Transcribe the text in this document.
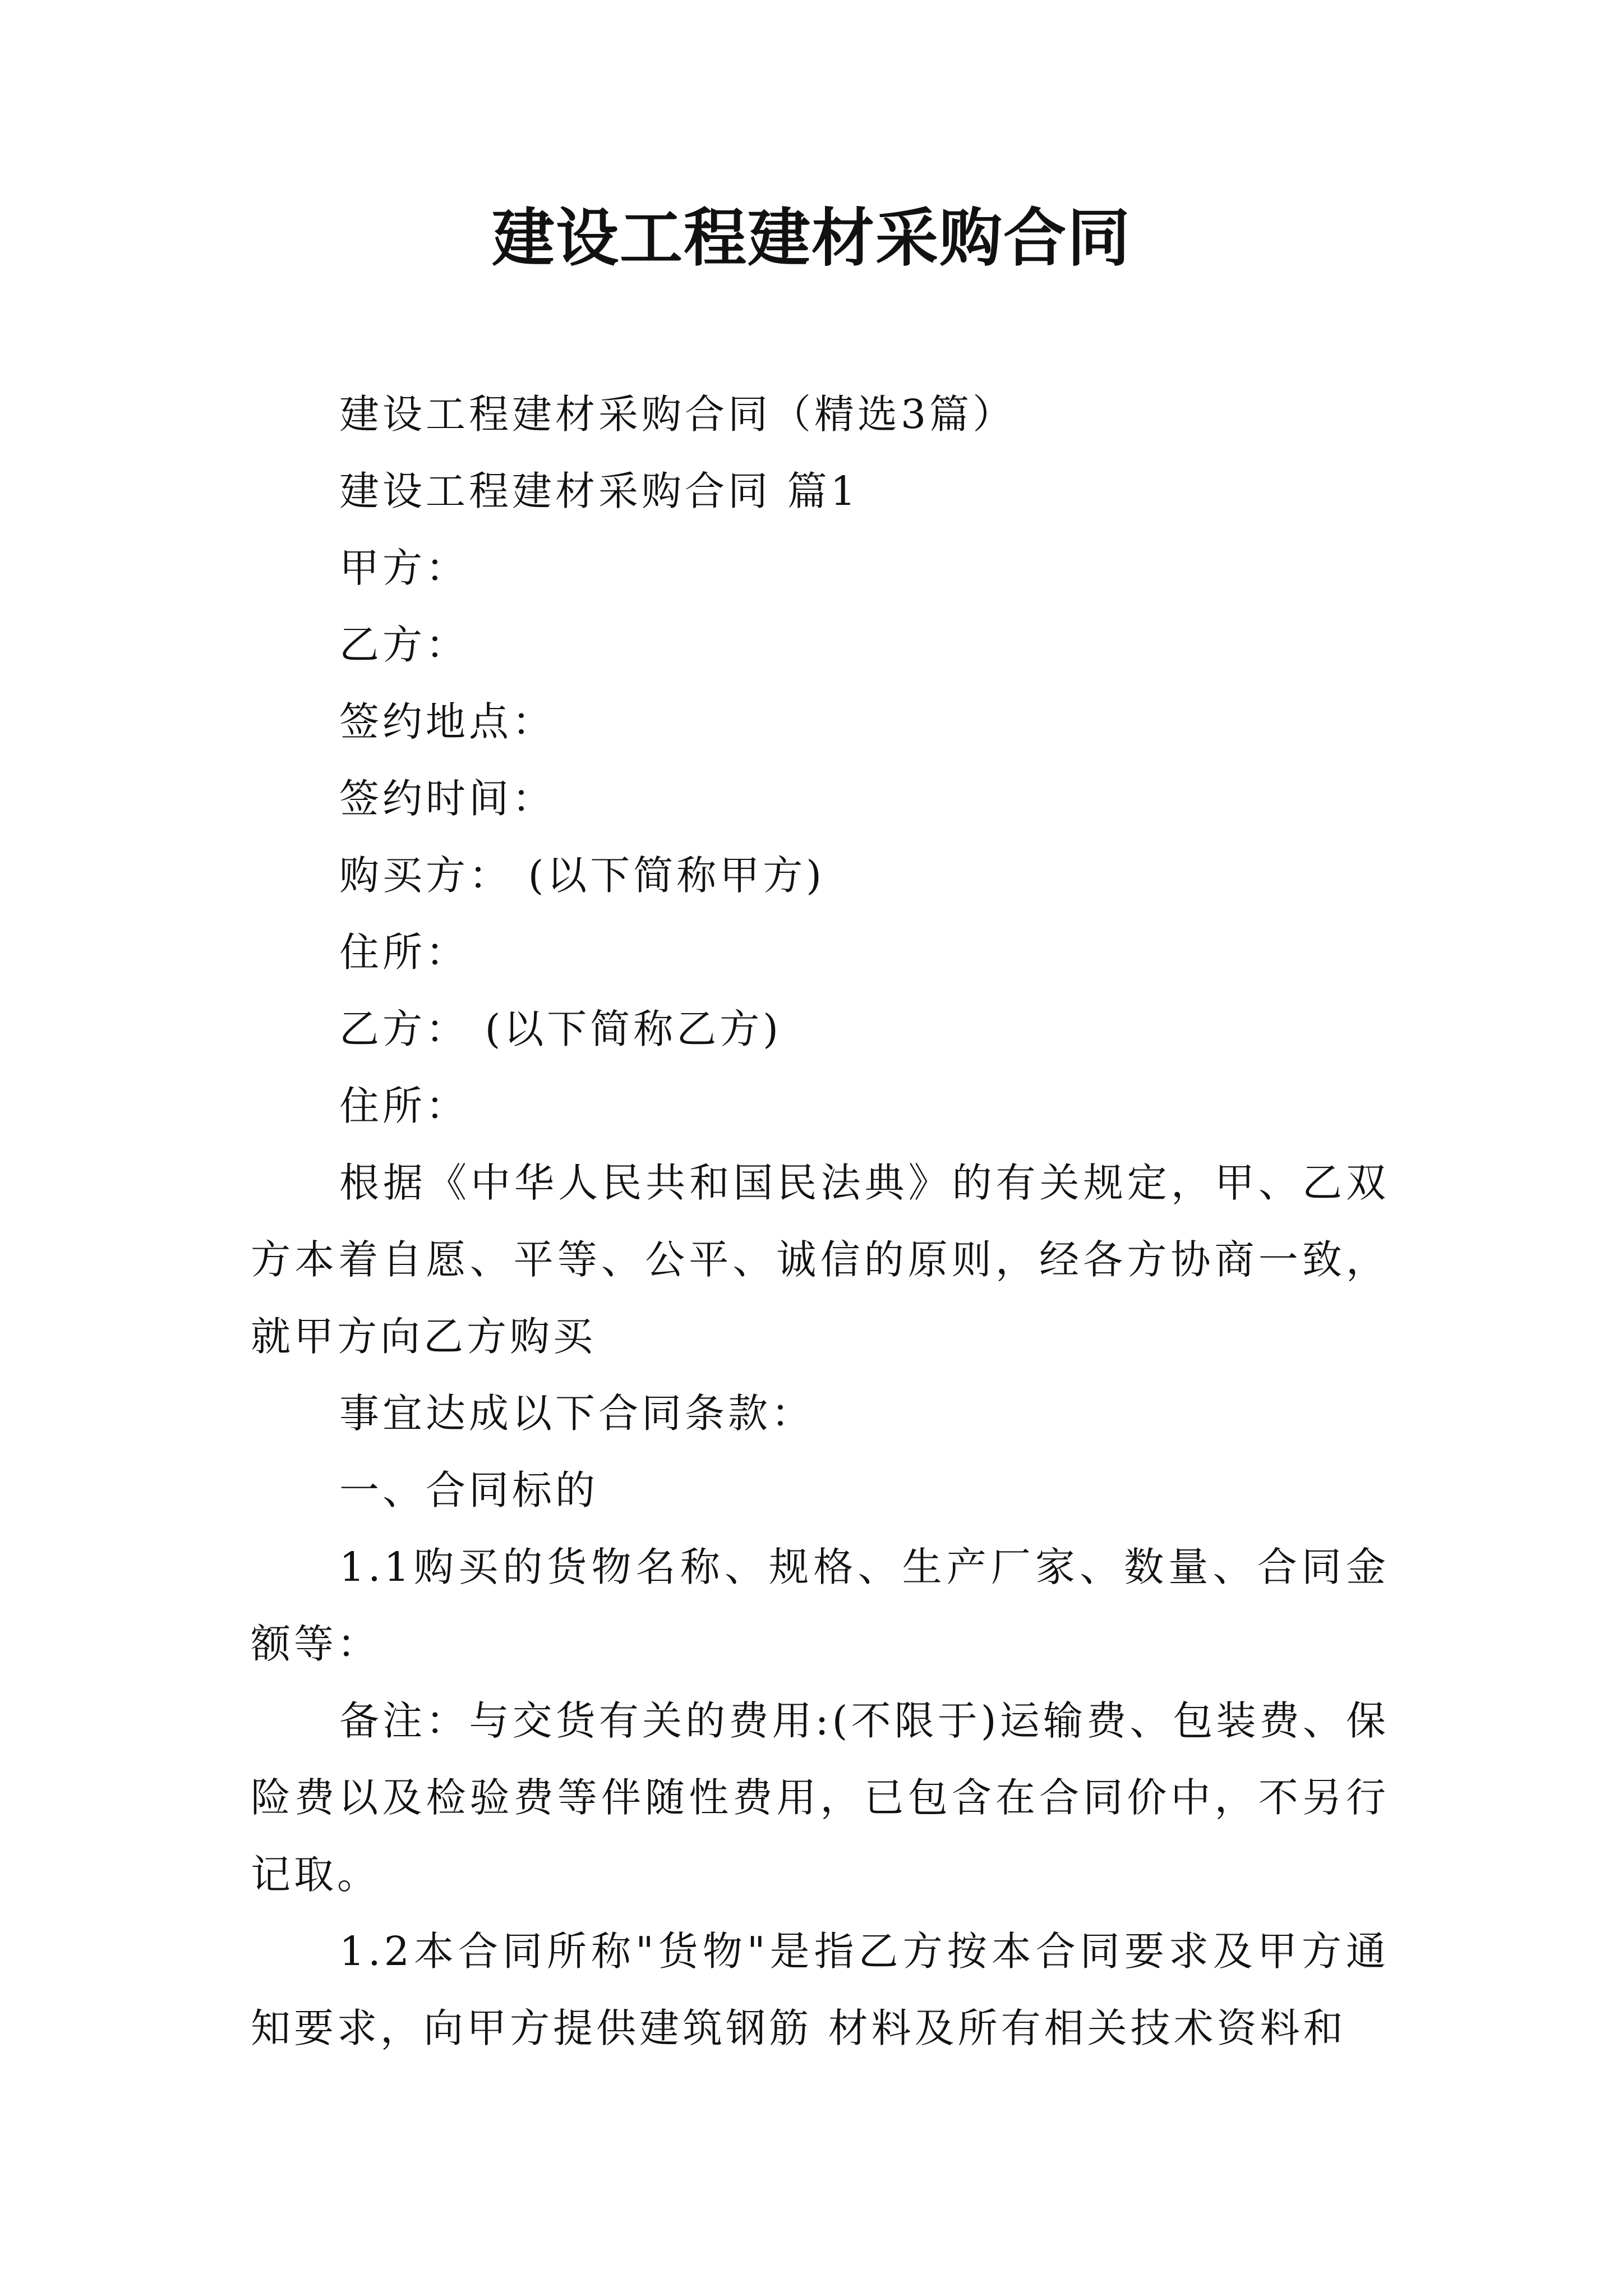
建设工程建材采购合同
建设工程建材采购合同（精选3篇）
建设工程建材采购合同 篇1
甲方：
乙方：
签约地点：
签约时间：
购买方： (以下简称甲方)
住所：
乙方： (以下简称乙方)
住所：
根据《中华人民共和国民法典》的有关规定，甲、乙双方本着自愿、平等、公平、诚信的原则，经各方协商一致，就甲方向乙方购买
事宜达成以下合同条款：
一、合同标的
1.1购买的货物名称、规格、生产厂家、数量、合同金额等：
备注：与交货有关的费用:(不限于)运输费、包装费、保险费以及检验费等伴随性费用，已包含在合同价中，不另行记取。
1.2本合同所称"货物"是指乙方按本合同要求及甲方通知要求，向甲方提供建筑钢筋 材料及所有相关技术资料和
